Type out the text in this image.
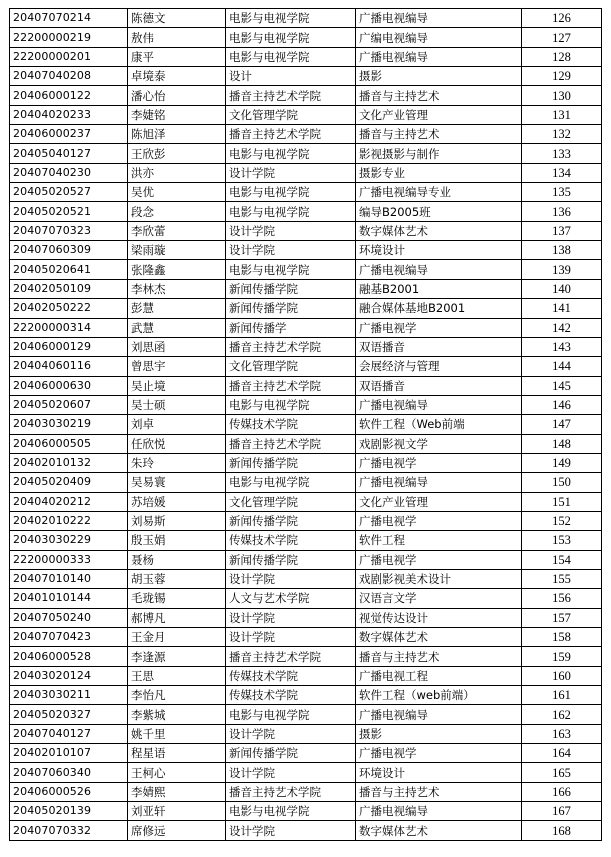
20407070214	陈德文	电影与电视学院	广播电视编导	126
22200000219	敖伟	电影与电视学院	广编电视编导	127
22200000201	康平	电影与电视学院	广播电视编导	128
20407040208	卓境泰	设计	摄影	129
20406000122	潘心怡	播音主持艺术学院	播音与主持艺术	130
20404020233	李婕铭	文化管理学院	文化产业管理	131
20406000237	陈旭泽	播音主持艺术学院	播音与主持艺术	132
20405040127	王欣彭	电影与电视学院	影视摄影与制作	133
20407040230	洪亦	设计学院	摄影专业	134
20405020527	吴优	电影与电视学院	广播电视编导专业	135
20405020521	段念	电影与电视学院	编导B2005班	136
20407070323	李欣蕾	设计学院	数字媒体艺术	137
20407060309	梁雨璇	设计学院	环境设计	138
20405020641	张隆鑫	电影与电视学院	广播电视编导	139
20402050109	李林杰	新闻传播学院	融基B2001	140
20402050222	彭慧	新闻传播学院	融合媒体基地B2001	141
22200000314	武慧	新闻传播学	广播电视学	142
20406000129	刘思函	播音主持艺术学院	双语播音	143
20404060116	曾思宇	文化管理学院	会展经济与管理	144
20406000630	吴止境	播音主持艺术学院	双语播音	145
20405020607	吴士硕	电影与电视学院	广播电视编导	146
20403030219	刘卓	传媒技术学院	软件工程（Web前端	147
20406000505	任欣悦	播音主持艺术学院	戏剧影视文学	148
20402010132	朱玲	新闻传播学院	广播电视学	149
20405020409	吴易寰	电影与电视学院	广播电视编导	150
20404020212	苏培媛	文化管理学院	文化产业管理	151
20402010222	刘易斯	新闻传播学院	广播电视学	152
20403030229	殷玉娟	传媒技术学院	软件工程	153
22200000333	聂杨	新闻传播学院	广播电视学	154
20407010140	胡玉蓉	设计学院	戏剧影视美术设计	155
20401010144	毛珑锡	人文与艺术学院	汉语言文学	156
20407050240	郝博凡	设计学院	视觉传达设计	157
20407070423	王金月	设计学院	数字媒体艺术	158
20406000528	李逢源	播音主持艺术学院	播音与主持艺术	159
20403020124	王思	传媒技术学院	广播电视工程	160
20403030211	李怡凡	传媒技术学院	软件工程（web前端）	161
20405020327	李紫城	电影与电视学院	广播电视编导	162
20407040127	姚千里	设计学院	摄影	163
20402010107	程星语	新闻传播学院	广播电视学	164
20407060340	王柯心	设计学院	环境设计	165
20406000526	李婧熙	播音主持艺术学院	播音与主持艺术	166
20405020139	刘亚轩	电影与电视学院	广播电视编导	167
20407070332	席修远	设计学院	数字媒体艺术	168
